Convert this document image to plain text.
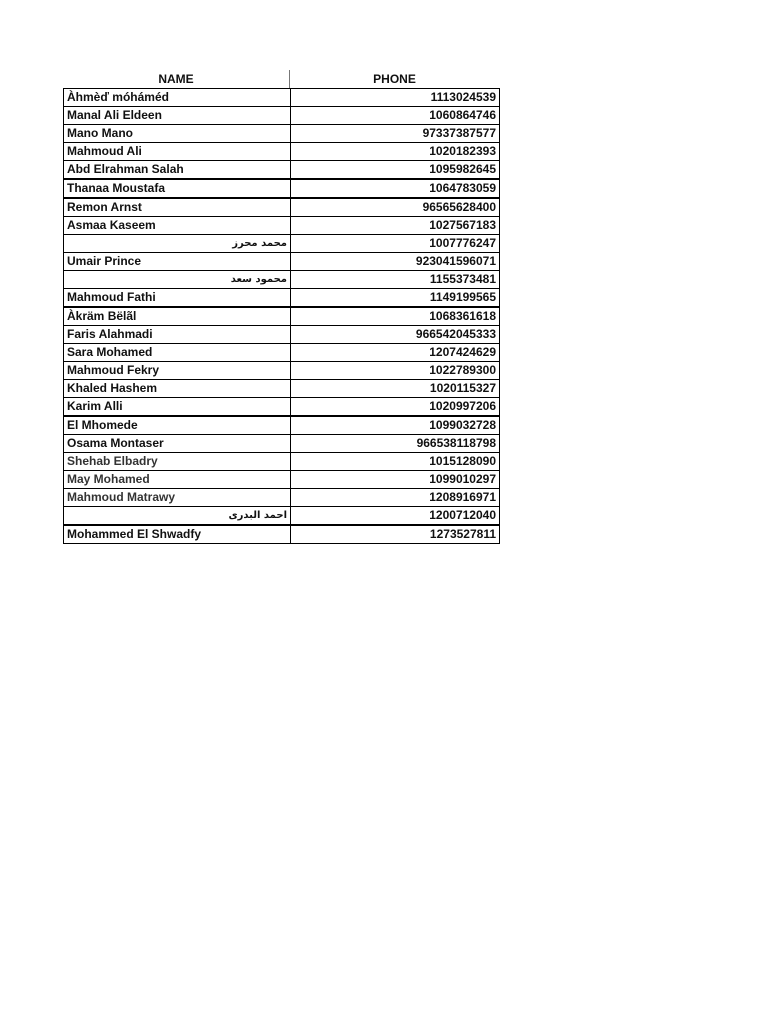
NAME	PHONE
Àhmèď móháméd	1113024539
Manal Ali Eldeen	1060864746
Mano Mano	97337387577
Mahmoud Ali	1020182393
Abd Elrahman Salah	1095982645
Thanaa Moustafa	1064783059
Remon Arnst	96565628400
Asmaa Kaseem	1027567183
محمد محرز	1007776247
Umair Prince	923041596071
محمود سعد	1155373481
Mahmoud Fathi	1149199565
Àkräm Bëlãl	1068361618
Faris Alahmadi	966542045333
Sara Mohamed	1207424629
Mahmoud Fekry	1022789300
Khaled Hashem	1020115327
Karim Alli	1020997206
El Mhomede	1099032728
Osama Montaser	966538118798
Shehab Elbadry	1015128090
May Mohamed	1099010297
Mahmoud Matrawy	1208916971
احمد البدرى	1200712040
Mohammed El Shwadfy	1273527811
